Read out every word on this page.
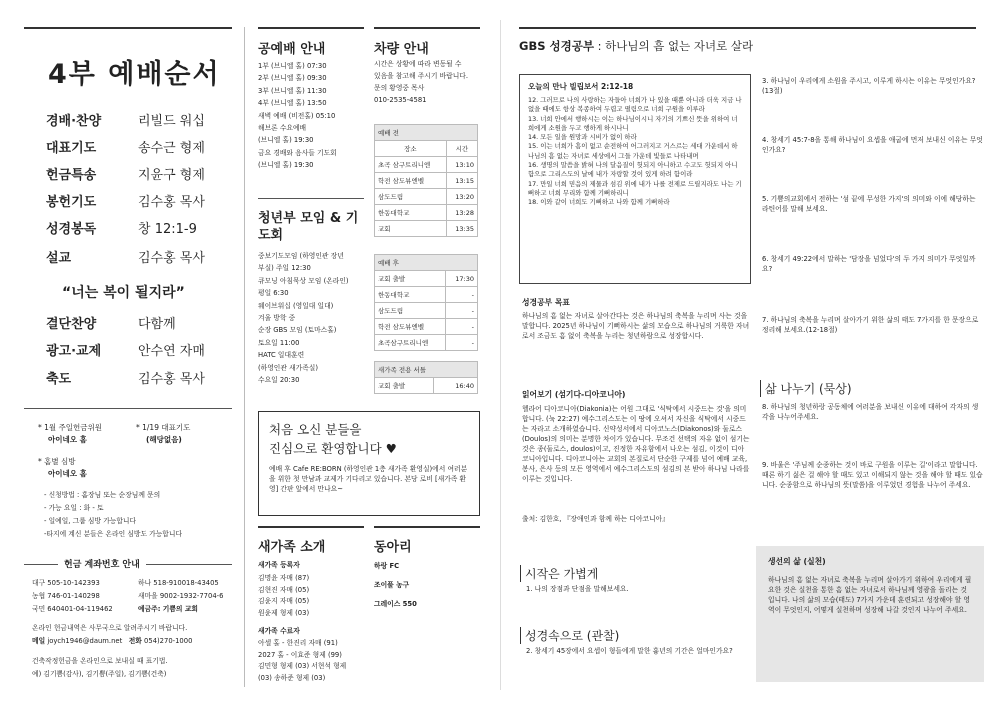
4부 예배순서
경배·찬양	리빌드 워십
대표기도	송수근 형제
헌금특송	지윤구 형제
봉헌기도	김수홍 목사
성경봉독	창 12:1-9
설교	김수홍 목사
“너는 복이 될지라”
결단찬양	다함께
광고·교제	안수연 자매
축도	김수홍 목사
* 1월 주일헌금위원
아이네오 홈
* 1/19 대표기도
(해당없음)
* 홈별 심방
아이네오 홈
- 신청방법 : 홈장님 또는 순장님께 문의
- 가능 요일 : 화 - 토
- 일예일, 그룹 심방 가능합니다
-타지에 계신 분들은 온라인 심방도 가능합니다
헌금 계좌번호 안내
대구 505-10-142393	하나 518-910018-43405
농협 746-01-140298	새마을 9002-1932-7704-6
국민 640401-04-119462	예금주: 기쁨의 교회
온라인 헌금내역은 사무국으로 알려주시기 바랍니다.
메일 joych1946@daum.net 전화 054)270-1000
건축작정헌금을 온라인으로 보내실 때 표기법.
예) 김기쁨(감사), 김기쁨(주일), 김기쁨(건축)
공예배 안내
1부 (브니엘 홀) 07:30
2부 (브니엘 홀) 09:30
3부 (브니엘 홀) 11:30
4부 (브니엘 홀) 13:50
새벽 예배 (비전홀) 05:10
해브론 수요예배
(브니엘 홀) 19:30
금요 경배와 음사들 기도회
(브니엘 홀) 19:30
청년부 모임 & 기도회
중보기도모임 (하영인관 장년
부실) 주일 12:30
큐모닝 아침묵상 모임 (온라인)
평일 6:30
웨이브워십 (영일대 일대)
겨울 방학 중
순장 GBS 모임 (토마스홀)
토요일 11:00
HATC 일대훈련
(하영인관 새가족실)
수요일 20:30
처음 오신 분들을
진심으로 환영합니다 ♥
예배 후 Cafe RE:BORN (하영인관 1층 새가족 환영실)에서 여러분을 위한 첫 만남과 교제가 기다리고 있습니다. 본당 로비 [새가족 환영] 간판 앞에서 만나요~
새가족 소개
새가족 등록자
김명윤 자매 (87)
김현진 자매 (05)
김윤지 자매 (05)
원윤제 형제 (03)
새가족 수료자
아셀 홀 - 한진리 자매 (91)
2027 홀 - 이효준 형제 (99)
김민형 형제 (03) 서현석 형제
(03) 송하준 형제 (03)
차량 안내
시간은 상황에 따라 변동될 수
있음을 참고해 주시기 바랍니다.
문의 황영중 목사
010-2535-4581
예배 전	
장소	시간
초곡 삼구트리니엔	13:10
학전 삼도뷰엔벨	13:15
삼도드림	13:20
한동대학교	13:28
교회	13:35
예배 후	
교회 출발	17:30
한동대학교	-
삼도드림	-
학전 삼도뷰엔벨	-
초곡삼구트리니엔	-
새가족 전용 서틀
교회 출발	16:40
동아리
하랑 FC
조이풀 농구
그레이스 550
GBS 성경공부 : 하나님의 흠 없는 자녀로 살라
오늘의 만나 빌립보서 2:12-18
12. 그러므로 나의 사랑하는 자들아 너희가 나 있을 때뿐 아니라 더욱 지금 나 없을 때에도 항상 복종하여 두렵고 떨림으로 너희 구원을 이루라
13. 너희 안에서 행하시는 이는 하나님이시니 자기의 기쁘신 뜻을 위하여 너희에게 소원을 두고 행하게 하시나니
14. 모든 일을 원망과 시비가 없이 하라
15. 이는 너희가 흠이 없고 순전하여 어그러지고 거스르는 세대 가운데서 하나님의 흠 없는 자녀로 세상에서 그들 가운데 빛들로 나타내며
16. 생명의 말씀을 밝혀 나의 달음질이 헛되지 아니하고 수고도 헛되지 아니함으로 그리스도의 날에 내가 자랑할 것이 있게 하려 함이라
17. 만일 너희 믿음의 제물과 섬김 위에 내가 나를 전제로 드릴지라도 나는 기뻐하고 너희 무리와 함께 기뻐하리니
18. 이와 같이 너희도 기뻐하고 나와 함께 기뻐하라
성경공부 목표
하나님의 흠 없는 자녀로 살아간다는 것은 하나님의 축복을 누리며 사는 것을 말합니다. 2025년 하나님이 기뻐하시는 삶의 모습으로 하나님의 거룩한 자녀로서 조금도 흠 없이 축복을 누리는 청년하람으로 성장합시다.
읽어보기 (섬기다-디아코니아)
헬라어 디아코니아(Diakonia)는 어원 그대로 '식탁에서 시중드는 것'을 의미합니다. (눅 22:27) 예수그리스도는 이 땅에 오셔서 자신을 식탁에서 시중드는 자라고 소개하였습니다. 신약성서에서 디아코노스(Diakonos)와 둘로스(Doulos)의 의미는 분명한 차이가 있습니다. 무조건 선택의 자유 없이 섬기는 것은 종(둘로스, doulos)이고, 진정한 자유함에서 나오는 섬김, 이것이 디아코니아입니다. 디아코니아는 교회의 본질로서 단순한 구제를 넘어 예배 교육, 봉사, 은사 등의 모든 영역에서 예수그리스도의 섬김의 본 받아 하나님 나라를 이루는 것입니다.
출처: 김한호, 『장애인과 함께 하는 디아코니아』
시작은 가볍게
1. 나의 장점과 단점을 말해보세요.
성경속으로 (관찰)
2. 창세기 45장에서 요셉이 형들에게 말한 흉년의 기간은 얼마인가요?
3. 하나님이 우리에게 소원을 주시고, 이루게 하시는 이유는 무엇인가요? (13절)
4. 창세기 45:7-8을 통해 하나님이 요셉을 애굽에 먼저 보내신 이유는 무엇인가요?
5. 기쁨의교회에서 전하는 '섬 끝에 무성한 가지'의 의미와 이에 해당하는 라틴어를 말해 보세요.
6. 창세기 49:22에서 말하는 '담장을 넘었다'의 두 가지 의미가 무엇일까요?
7. 하나님의 축복을 누리며 살아가기 위한 삶의 태도 7가지를 한 문장으로 정리해 보세요.(12-18절)
삶 나누기 (묵상)
8. 하나님의 청년하랑 공동체에 여러분을 보내신 이유에 대하여 각자의 생각을 나누어주세요.
9. 바울은 '주님께 순종하는 것이 바로 구원을 이루는 길'이라고 말합니다. 때론 하기 싫은 걸 해야 할 때도 있고 이해되지 않는 것을 해야 할 때도 있습니다. 순종함으로 하나님의 뜻(말씀)을 이루었던 경험을 나누어 주세요.
생선의 삶 (실천)
하나님의 흠 없는 자녀로 축복을 누리며 살아가기 위하여 우리에게 필요한 것은 실천을 통한 흠 없는 자녀로서 하나님께 영광을 돌리는 것입니다. 나의 삶의 모습(태도) 7가지 가운데 훈련되고 성장해야 할 영역이 무엇인지, 어떻게 실천하며 성장해 나갈 것인지 나누어 주세요.
